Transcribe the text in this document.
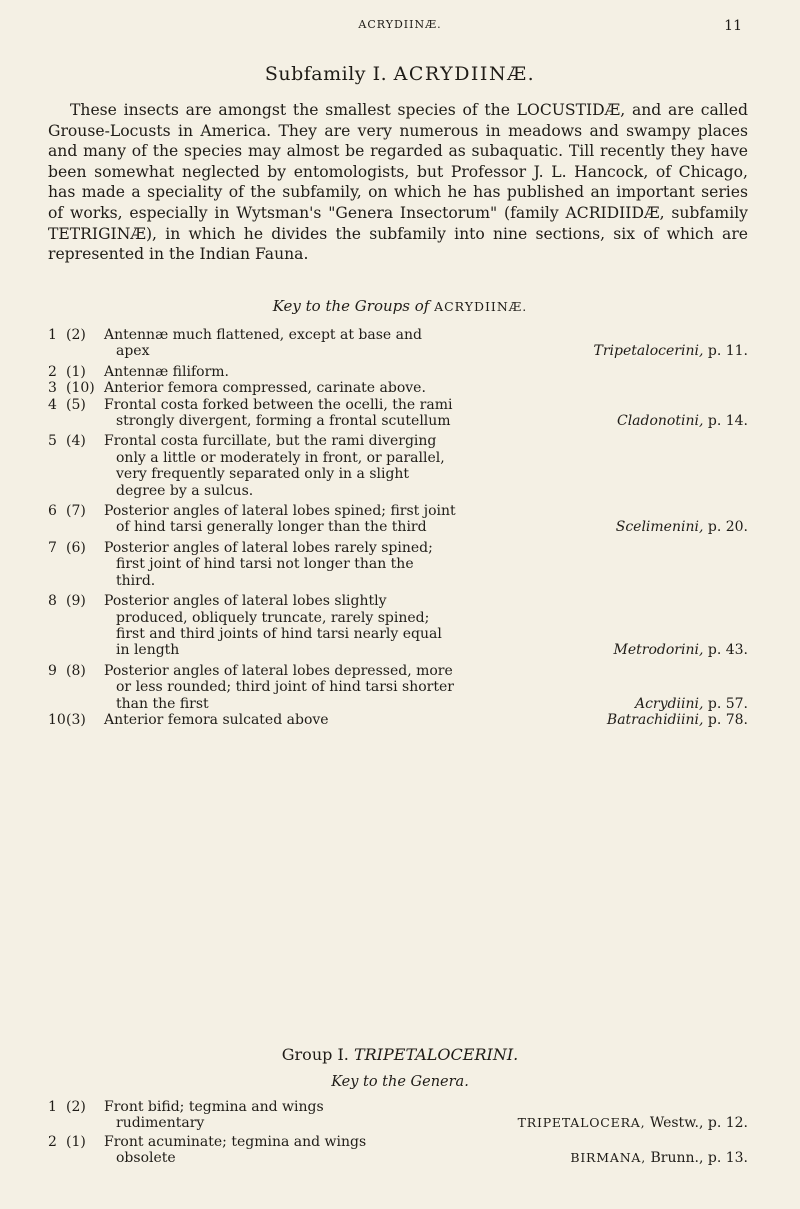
ACRYDIINÆ.	11
Subfamily I. ACRYDIINÆ.

These insects are amongst the smallest species of the LOCUSTIDÆ, and are called Grouse-Locusts in America. They are very numerous in meadows and swampy places and many of the species may almost be regarded as subaquatic. Till recently they have been somewhat neglected by entomologists, but Professor J. L. Hancock, of Chicago, has made a speciality of the subfamily, on which he has published an important series of works, especially in Wytsman's "Genera Insectorum" (family ACRIDIIDÆ, subfamily TETRIGINÆ), in which he divides the subfamily into nine sections, six of which are represented in the Indian Fauna.

Key to the Groups of ACRYDIINÆ.
1 (2)	Antennæ much flattened, except at base and apex	Tripetalocerini, p. 11.
2 (1)	Antennæ filiform.
3 (10) Anterior femora compressed, carinate above.
4 (5)	Frontal costa forked between the ocelli, the rami strongly divergent, forming a frontal scutellum	Cladonotini, p. 14.
5 (4)	Frontal costa furcillate, but the rami diverging only a little or moderately in front, or parallel, very frequently separated only in a slight degree by a sulcus.
6 (7)	Posterior angles of lateral lobes spined; first joint of hind tarsi generally longer than the third	Scelimenini, p. 20.
7 (6)	Posterior angles of lateral lobes rarely spined; first joint of hind tarsi not longer than the third.
8 (9)	Posterior angles of lateral lobes slightly produced, obliquely truncate, rarely spined; first and third joints of hind tarsi nearly equal in length	Metrodorini, p. 43.
9 (8)	Posterior angles of lateral lobes depressed, more or less rounded; third joint of hind tarsi shorter than the first	Acrydiini, p. 57.
10 (3)	Anterior femora sulcated above	Batrachidiini, p. 78.
Group I. TRIPETALOCERINI.
Key to the Genera.
1 (2)	Front bifid; tegmina and wings rudimentary	TRIPETALOCERA, Westw., p. 12.
2 (1)	Front acuminate; tegmina and wings obsolete	BIRMANA, Brunn., p. 13.
